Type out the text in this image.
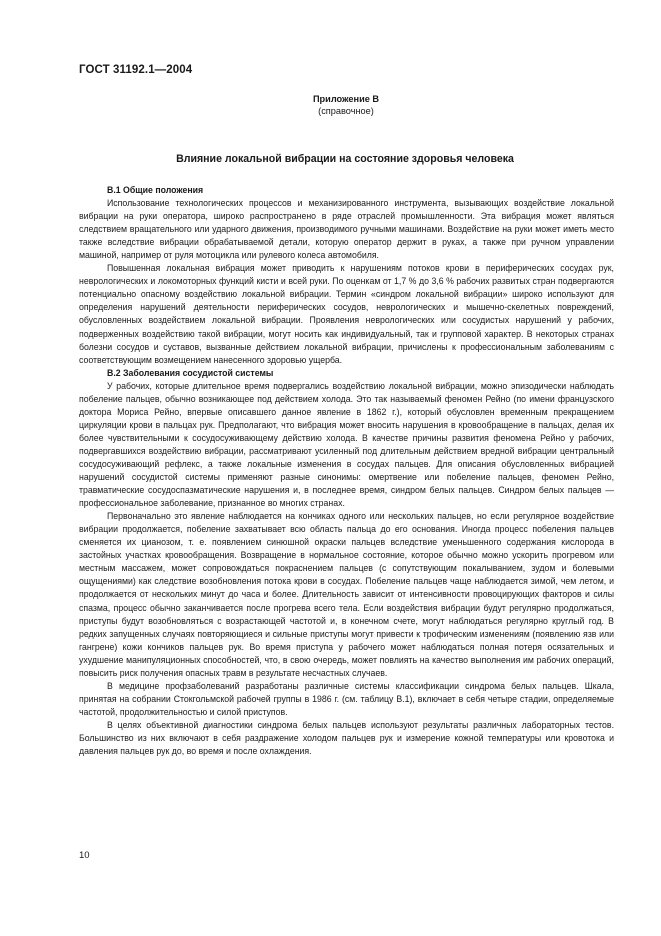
ГОСТ 31192.1—2004
Приложение В
(справочное)
Влияние локальной вибрации на состояние здоровья человека
В.1 Общие положения

Использование технологических процессов и механизированного инструмента, вызывающих воздействие локальной вибрации на руки оператора, широко распространено в ряде отраслей промышленности. Эта вибрация может являться следствием вращательного или ударного движения, производимого ручными машинами. Воздействие на руки может иметь место также вследствие вибрации обрабатываемой детали, которую оператор держит в руках, а также при ручном управлении машиной, например от руля мотоцикла или рулевого колеса автомобиля.

Повышенная локальная вибрация может приводить к нарушениям потоков крови в периферических сосудах рук, неврологических и локомоторных функций кисти и всей руки. По оценкам от 1,7 % до 3,6 % рабочих развитых стран подвергаются потенциально опасному воздействию локальной вибрации. Термин «синдром локальной вибрации» широко используют для определения нарушений деятельности периферических сосудов, неврологических и мышечно-скелетных повреждений, обусловленных воздействием локальной вибрации. Проявления неврологических или сосудистых нарушений у рабочих, подверженных воздействию такой вибрации, могут носить как индивидуальный, так и групповой характер. В некоторых странах болезни сосудов и суставов, вызванные действием локальной вибрации, причислены к профессиональным заболеваниям с соответствующим возмещением нанесенного здоровью ущерба.

В.2 Заболевания сосудистой системы

У рабочих, которые длительное время подвергались воздействию локальной вибрации, можно эпизодически наблюдать побеление пальцев, обычно возникающее под действием холода. Это так называемый феномен Рейно (по имени французского доктора Мориса Рейно, впервые описавшего данное явление в 1862 г.), который обусловлен временным прекращением циркуляции крови в пальцах рук. Предполагают, что вибрация может вносить нарушения в кровообращение в пальцах, делая их более чувствительными к сосудосуживающему действию холода. В качестве причины развития феномена Рейно у рабочих, подвергавшихся воздействию вибрации, рассматривают усиленный под длительным действием вредной вибрации центральный сосудосуживающий рефлекс, а также локальные изменения в сосудах пальцев. Для описания обусловленных вибрацией нарушений сосудистой системы применяют разные синонимы: омертвение или побеление пальцев, феномен Рейно, травматические сосудоспазматические нарушения и, в последнее время, синдром белых пальцев. Синдром белых пальцев — профессиональное заболевание, признанное во многих странах.

Первоначально это явление наблюдается на кончиках одного или нескольких пальцев, но если регулярное воздействие вибрации продолжается, побеление захватывает всю область пальца до его основания. Иногда процесс побеления пальцев сменяется их цианозом, т. е. появлением синюшной окраски пальцев вследствие уменьшенного содержания кислорода в застойных участках кровообращения. Возвращение в нормальное состояние, которое обычно можно ускорить прогревом или местным массажем, может сопровождаться покраснением пальцев (с сопутствующим покалыванием, зудом и болевыми ощущениями) как следствие возобновления потока крови в сосудах. Побеление пальцев чаще наблюдается зимой, чем летом, и продолжается от нескольких минут до часа и более. Длительность зависит от интенсивности провоцирующих факторов и силы спазма, процесс обычно заканчивается после прогрева всего тела. Если воздействия вибрации будут регулярно продолжаться, приступы будут возобновляться с возрастающей частотой и, в конечном счете, могут наблюдаться регулярно круглый год. В редких запущенных случаях повторяющиеся и сильные приступы могут привести к трофическим изменениям (появлению язв или гангрене) кожи кончиков пальцев рук. Во время приступа у рабочего может наблюдаться полная потеря осязательных и ухудшение манипуляционных способностей, что, в свою очередь, может повлиять на качество выполнения им рабочих операций, повысить риск получения опасных травм в результате несчастных случаев.

В медицине профзаболеваний разработаны различные системы классификации синдрома белых пальцев. Шкала, принятая на собрании Стокгольмской рабочей группы в 1986 г. (см. таблицу В.1), включает в себя четыре стадии, определяемые частотой, продолжительностью и силой приступов.

В целях объективной диагностики синдрома белых пальцев используют результаты различных лабораторных тестов. Большинство из них включают в себя раздражение холодом пальцев рук и измерение кожной температуры или кровотока и давления пальцев рук до, во время и после охлаждения.

10
